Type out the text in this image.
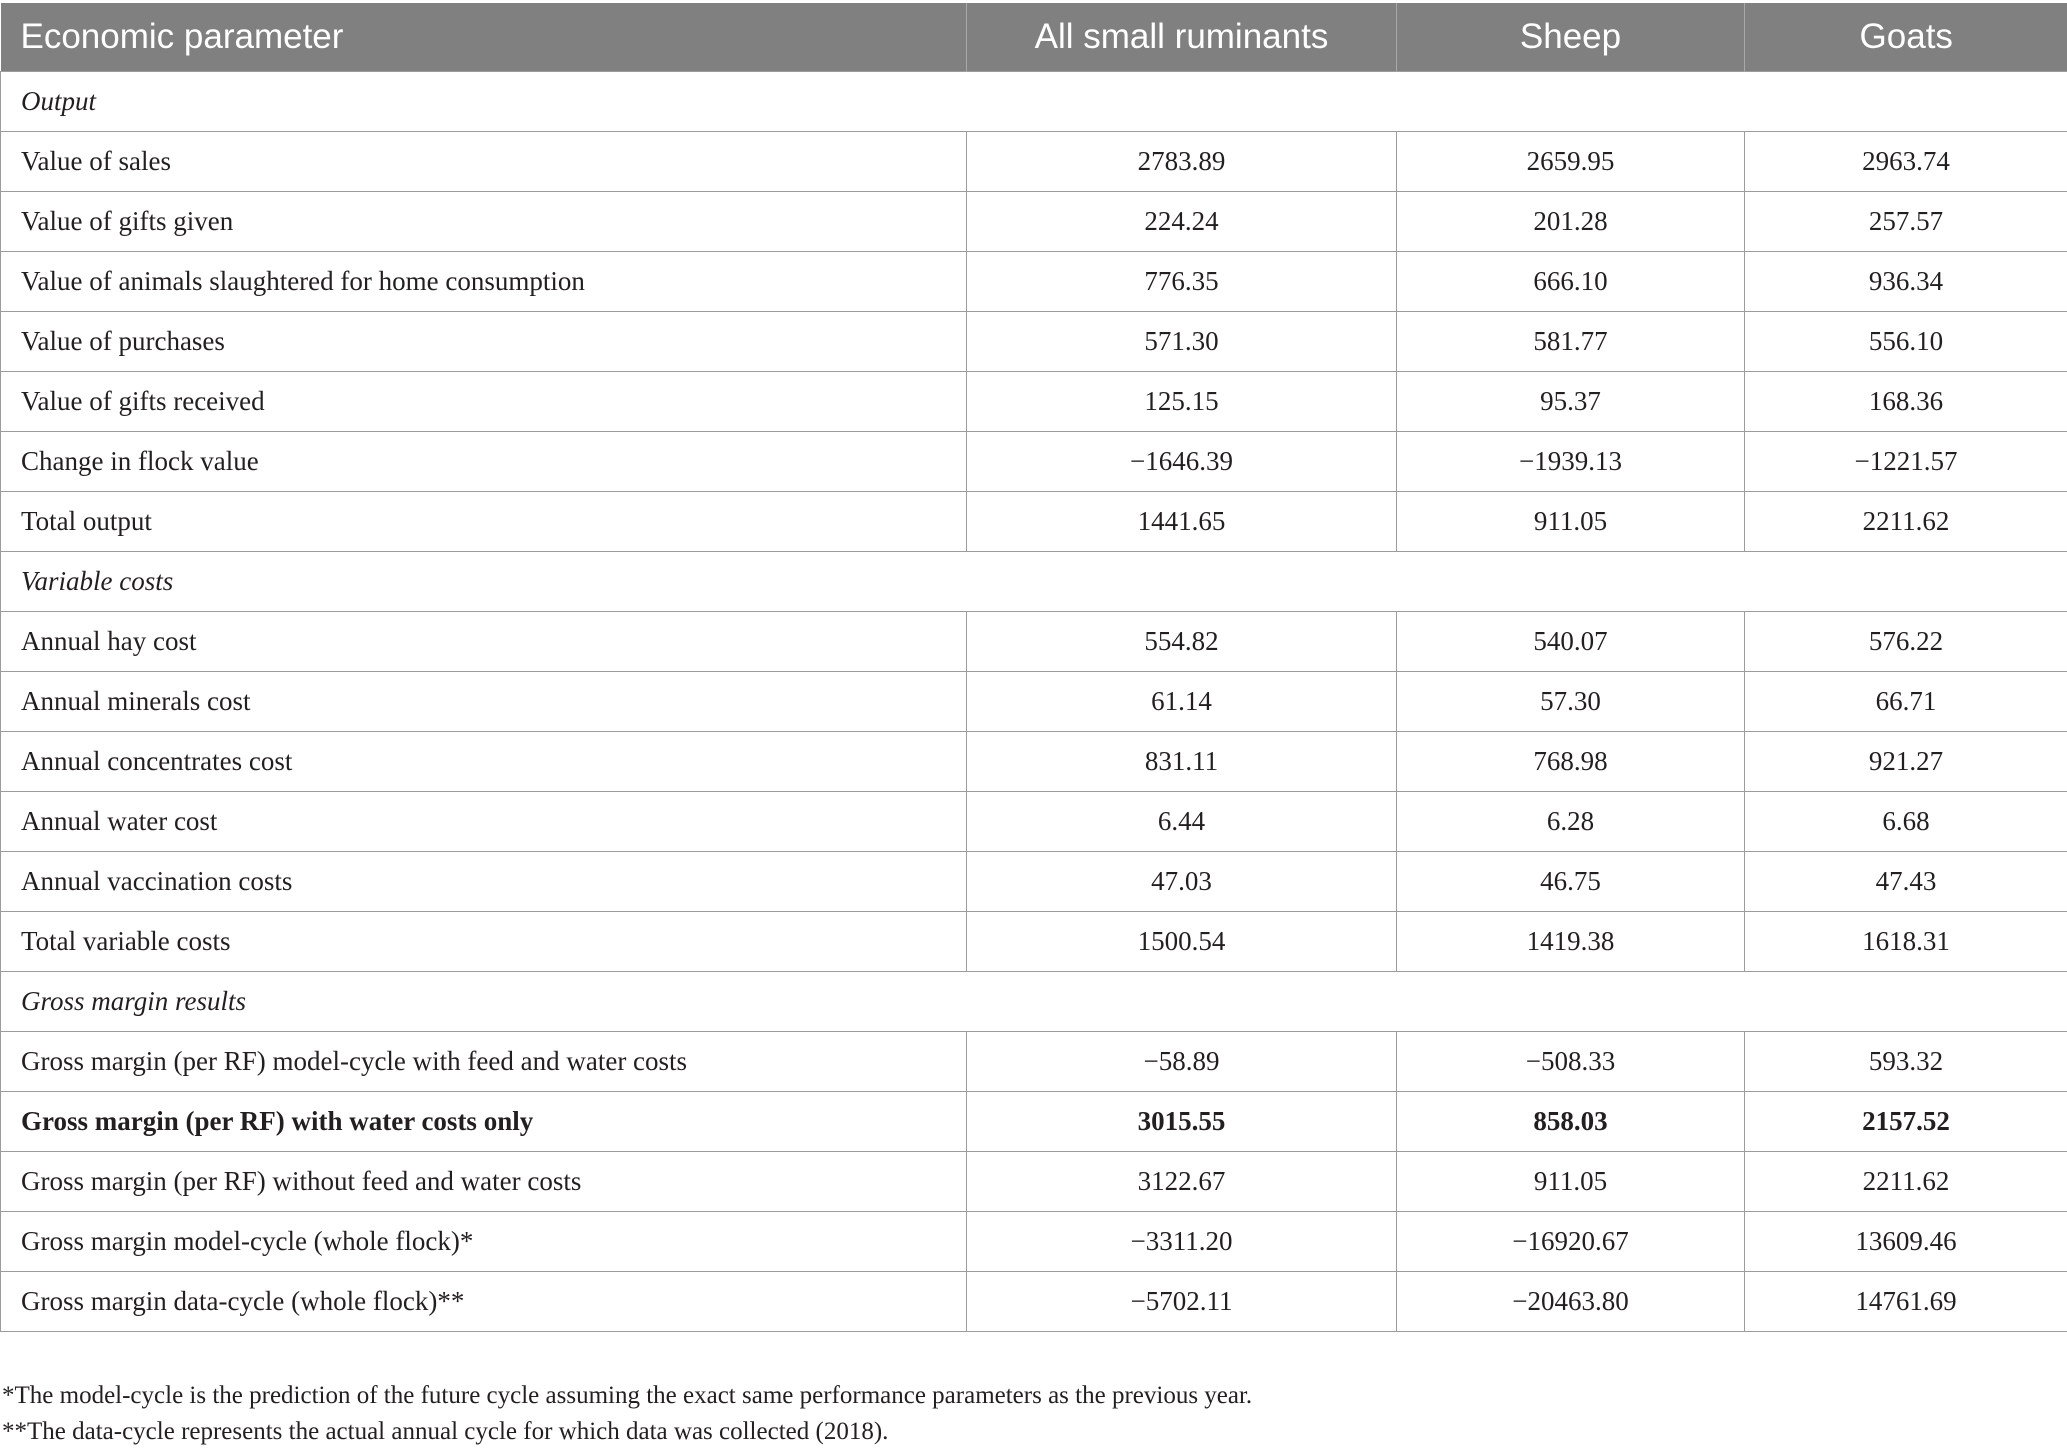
Economic parameter	All small ruminants	Sheep	Goats
Output			
Value of sales	2783.89	2659.95	2963.74
Value of gifts given	224.24	201.28	257.57
Value of animals slaughtered for home consumption	776.35	666.10	936.34
Value of purchases	571.30	581.77	556.10
Value of gifts received	125.15	95.37	168.36
Change in flock value	−1646.39	−1939.13	−1221.57
Total output	1441.65	911.05	2211.62
Variable costs			
Annual hay cost	554.82	540.07	576.22
Annual minerals cost	61.14	57.30	66.71
Annual concentrates cost	831.11	768.98	921.27
Annual water cost	6.44	6.28	6.68
Annual vaccination costs	47.03	46.75	47.43
Total variable costs	1500.54	1419.38	1618.31
Gross margin results			
Gross margin (per RF) model-cycle with feed and water costs	−58.89	−508.33	593.32
Gross margin (per RF) with water costs only	3015.55	858.03	2157.52
Gross margin (per RF) without feed and water costs	3122.67	911.05	2211.62
Gross margin model-cycle (whole flock)*	−3311.20	−16920.67	13609.46
Gross margin data-cycle (whole flock)**	−5702.11	−20463.80	14761.69

*The model-cycle is the prediction of the future cycle assuming the exact same performance parameters as the previous year.

**The data-cycle represents the actual annual cycle for which data was collected (2018).
